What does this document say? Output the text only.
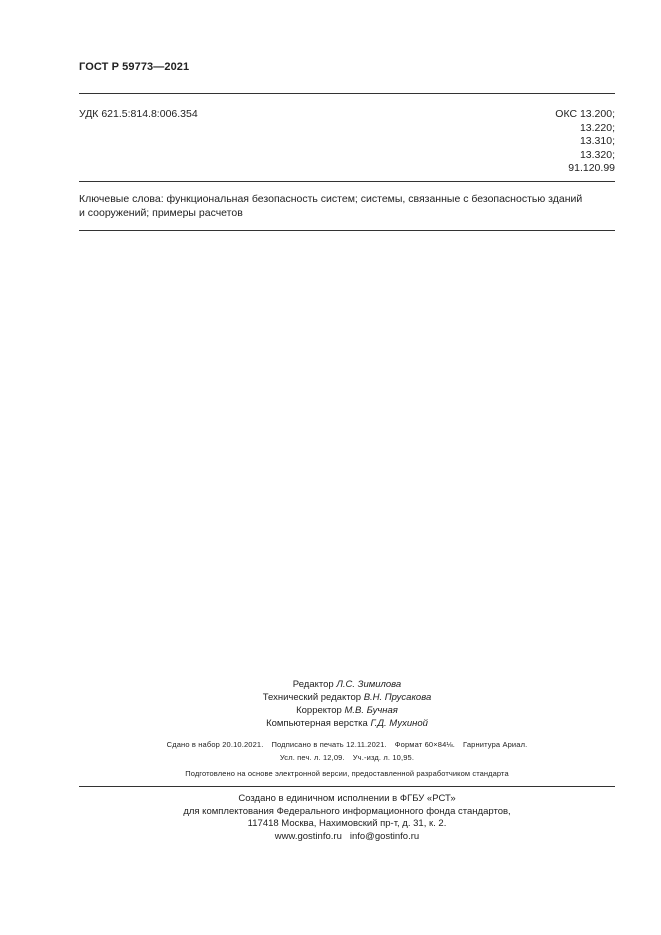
ГОСТ Р 59773—2021
УДК 621.5:814.8:006.354	ОКС 13.200;
13.220;
13.310;
13.320;
91.120.99
Ключевые слова: функциональная безопасность систем; системы, связанные с безопасностью зданий
и сооружений; примеры расчетов
Редактор Л.С. Зимилова
Технический редактор В.Н. Прусакова
Корректор М.В. Бучная
Компьютерная верстка Г.Д. Мухиной
Сдано в набор 20.10.2021. Подписано в печать 12.11.2021. Формат 60×84⅛. Гарнитура Ариал.
Усл. печ. л. 12,09. Уч.-изд. л. 10,95.
Подготовлено на основе электронной версии, предоставленной разработчиком стандарта
Создано в единичном исполнении в ФГБУ «РСТ»
для комплектования Федерального информационного фонда стандартов,
117418 Москва, Нахимовский пр-т, д. 31, к. 2.
www.gostinfo.ru info@gostinfo.ru
